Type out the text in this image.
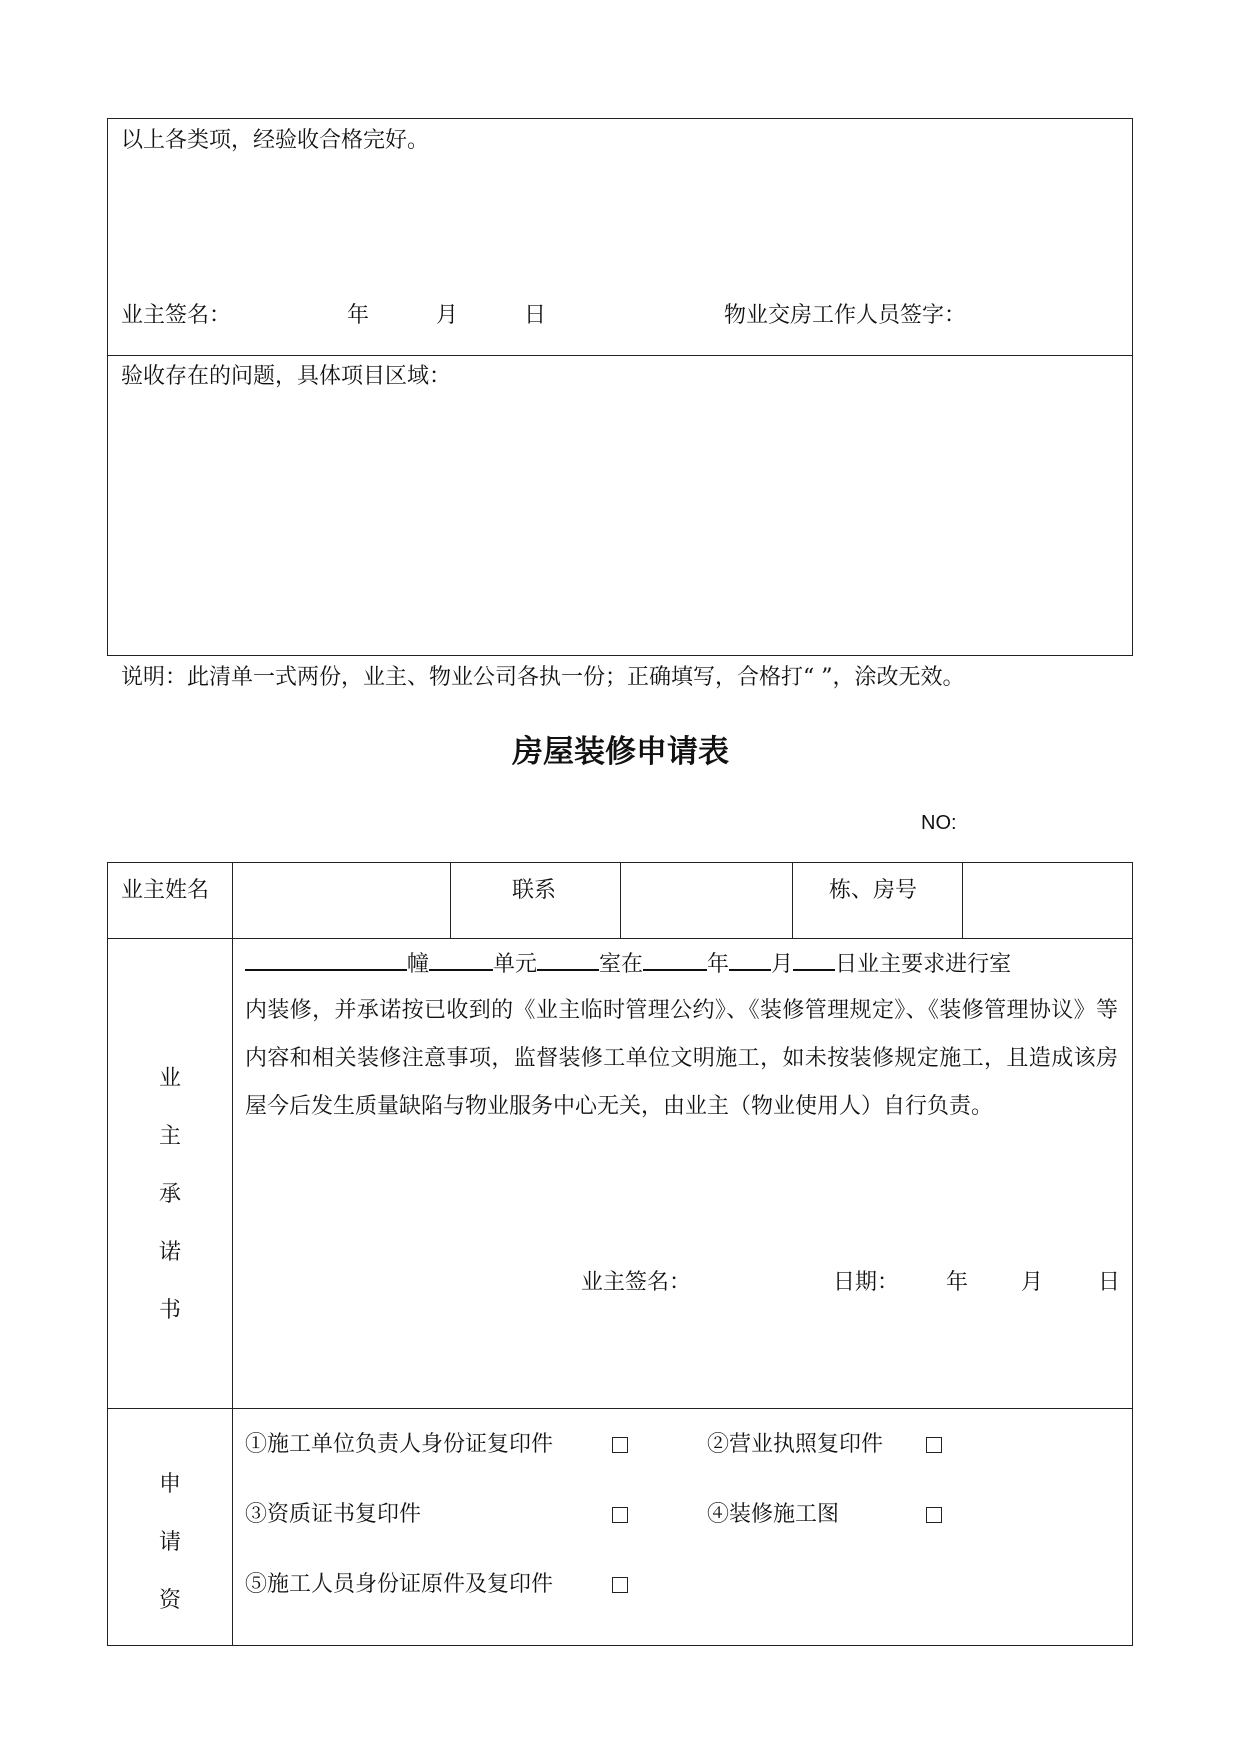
以上各类项，经验收合格完好。
业主签名：	年	月	日	物业交房工作人员签字：
验收存在的问题，具体项目区域：
说明：此清单一式两份，业主、物业公司各执一份；正确填写，合格打“ ”，涂改无效。
房屋装修申请表
NO:
业主姓名	联系	栋、房号
业
主
承
诺
书
幢	单元	室在	年 月 日业主要求进行室
内装修，并承诺按已收到的《业主临时管理公约》、《装修管理规定》、《装修管理协议》等内容和相关装修注意事项，监督装修工单位文明施工，如未按装修规定施工，且造成该房屋今后发生质量缺陷与物业服务中心无关，由业主（物业使用人）自行负责。
业主签名：	日期： 年 月 日
申
请
资
①施工单位负责人身份证复印件	②营业执照复印件
③资质证书复印件	④装修施工图
⑤施工人员身份证原件及复印件
